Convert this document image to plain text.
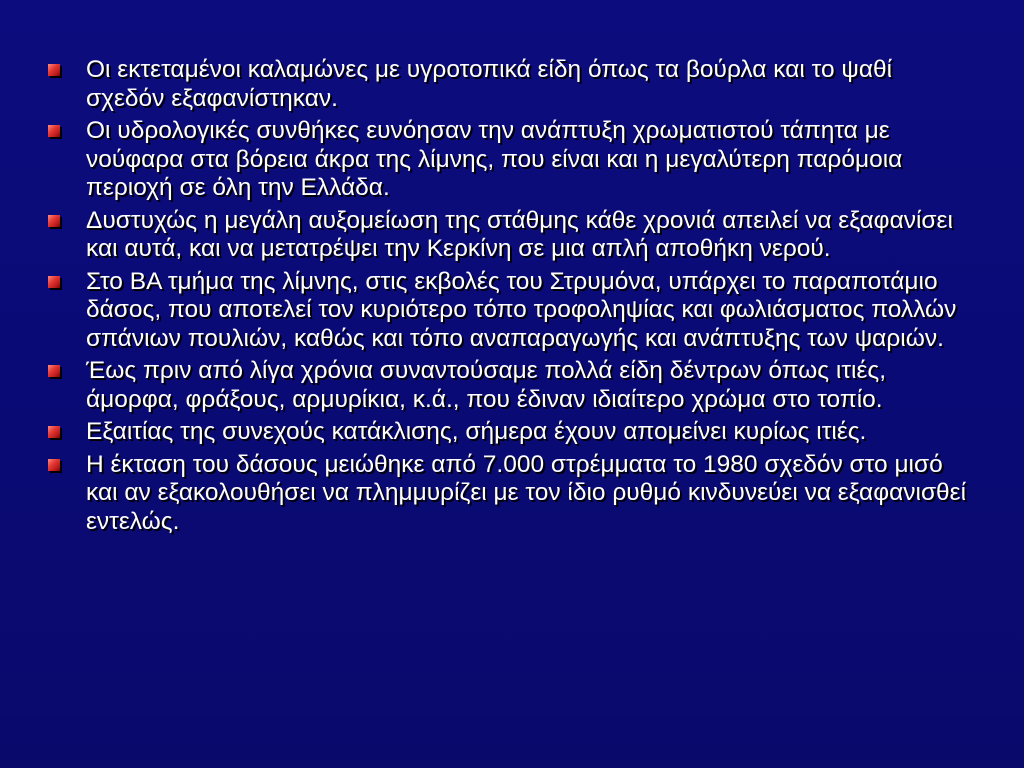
Οι εκτεταμένοι καλαμώνες με υγροτοπικά είδη όπως τα βούρλα και το ψαθί σχεδόν εξαφανίστηκαν.
Οι υδρολογικές συνθήκες ευνόησαν την ανάπτυξη χρωματιστού τάπητα με νούφαρα στα βόρεια άκρα της λίμνης, που είναι και η μεγαλύτερη παρόμοια περιοχή σε όλη την Ελλάδα.
Δυστυχώς η μεγάλη αυξομείωση της στάθμης κάθε χρονιά απειλεί να εξαφανίσει και αυτά, και να μετατρέψει την Κερκίνη σε μια απλή αποθήκη νερού.
Στο ΒΑ τμήμα της λίμνης, στις εκβολές του Στρυμόνα, υπάρχει το παραποτάμιο δάσος, που αποτελεί τον κυριότερο τόπο τροφοληψίας και φωλιάσματος πολλών σπάνιων πουλιών, καθώς και τόπο αναπαραγωγής και ανάπτυξης των ψαριών.
Έως πριν από λίγα χρόνια συναντούσαμε πολλά είδη δέντρων όπως ιτιές, άμορφα, φράξους, αρμυρίκια, κ.ά., που έδιναν ιδιαίτερο χρώμα στο τοπίο.
Εξαιτίας της συνεχούς κατάκλισης, σήμερα έχουν απομείνει κυρίως ιτιές.
Η έκταση του δάσους μειώθηκε από 7.000 στρέμματα το 1980 σχεδόν στο μισό και αν εξακολουθήσει να πλημμυρίζει με τον ίδιο ρυθμό κινδυνεύει να εξαφανισθεί εντελώς.
